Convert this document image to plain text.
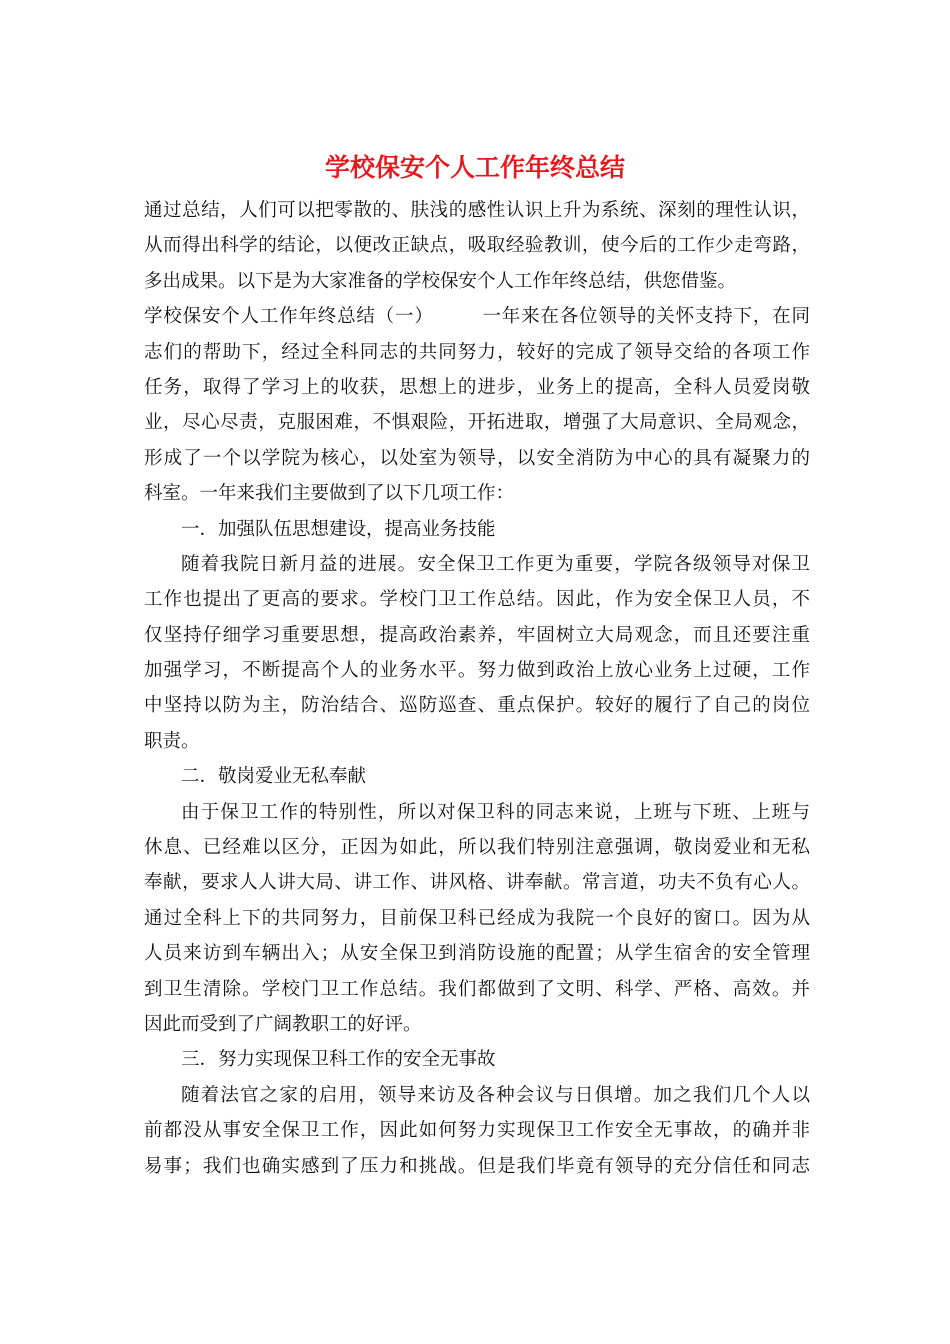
学校保安个人工作年终总结
通过总结，人们可以把零散的、肤浅的感性认识上升为系统、深刻的理性认识，
从而得出科学的结论，以便改正缺点，吸取经验教训，使今后的工作少走弯路，
多出成果。以下是为大家准备的学校保安个人工作年终总结，供您借鉴。
学校保安个人工作年终总结（一）	一年来在各位领导的关怀支持下，在同
志们的帮助下，经过全科同志的共同努力，较好的完成了领导交给的各项工作
任务，取得了学习上的收获，思想上的进步，业务上的提高，全科人员爱岗敬
业，尽心尽责，克服困难，不惧艰险，开拓进取，增强了大局意识、全局观念，
形成了一个以学院为核心，以处室为领导，以安全消防为中心的具有凝聚力的
科室。一年来我们主要做到了以下几项工作：
一．加强队伍思想建设，提高业务技能
随着我院日新月益的进展。安全保卫工作更为重要，学院各级领导对保卫
工作也提出了更高的要求。学校门卫工作总结。因此，作为安全保卫人员，不
仅坚持仔细学习重要思想，提高政治素养，牢固树立大局观念，而且还要注重
加强学习，不断提高个人的业务水平。努力做到政治上放心业务上过硬，工作
中坚持以防为主，防治结合、巡防巡查、重点保护。较好的履行了自己的岗位
职责。
二．敬岗爱业无私奉献
由于保卫工作的特别性，所以对保卫科的同志来说，上班与下班、上班与
休息、已经难以区分，正因为如此，所以我们特别注意强调，敬岗爱业和无私
奉献，要求人人讲大局、讲工作、讲风格、讲奉献。常言道，功夫不负有心人。
通过全科上下的共同努力，目前保卫科已经成为我院一个良好的窗口。因为从
人员来访到车辆出入；从安全保卫到消防设施的配置；从学生宿舍的安全管理
到卫生清除。学校门卫工作总结。我们都做到了文明、科学、严格、高效。并
因此而受到了广阔教职工的好评。
三．努力实现保卫科工作的安全无事故
随着法官之家的启用，领导来访及各种会议与日俱增。加之我们几个人以
前都没从事安全保卫工作，因此如何努力实现保卫工作安全无事故，的确并非
易事；我们也确实感到了压力和挑战。但是我们毕竟有领导的充分信任和同志
